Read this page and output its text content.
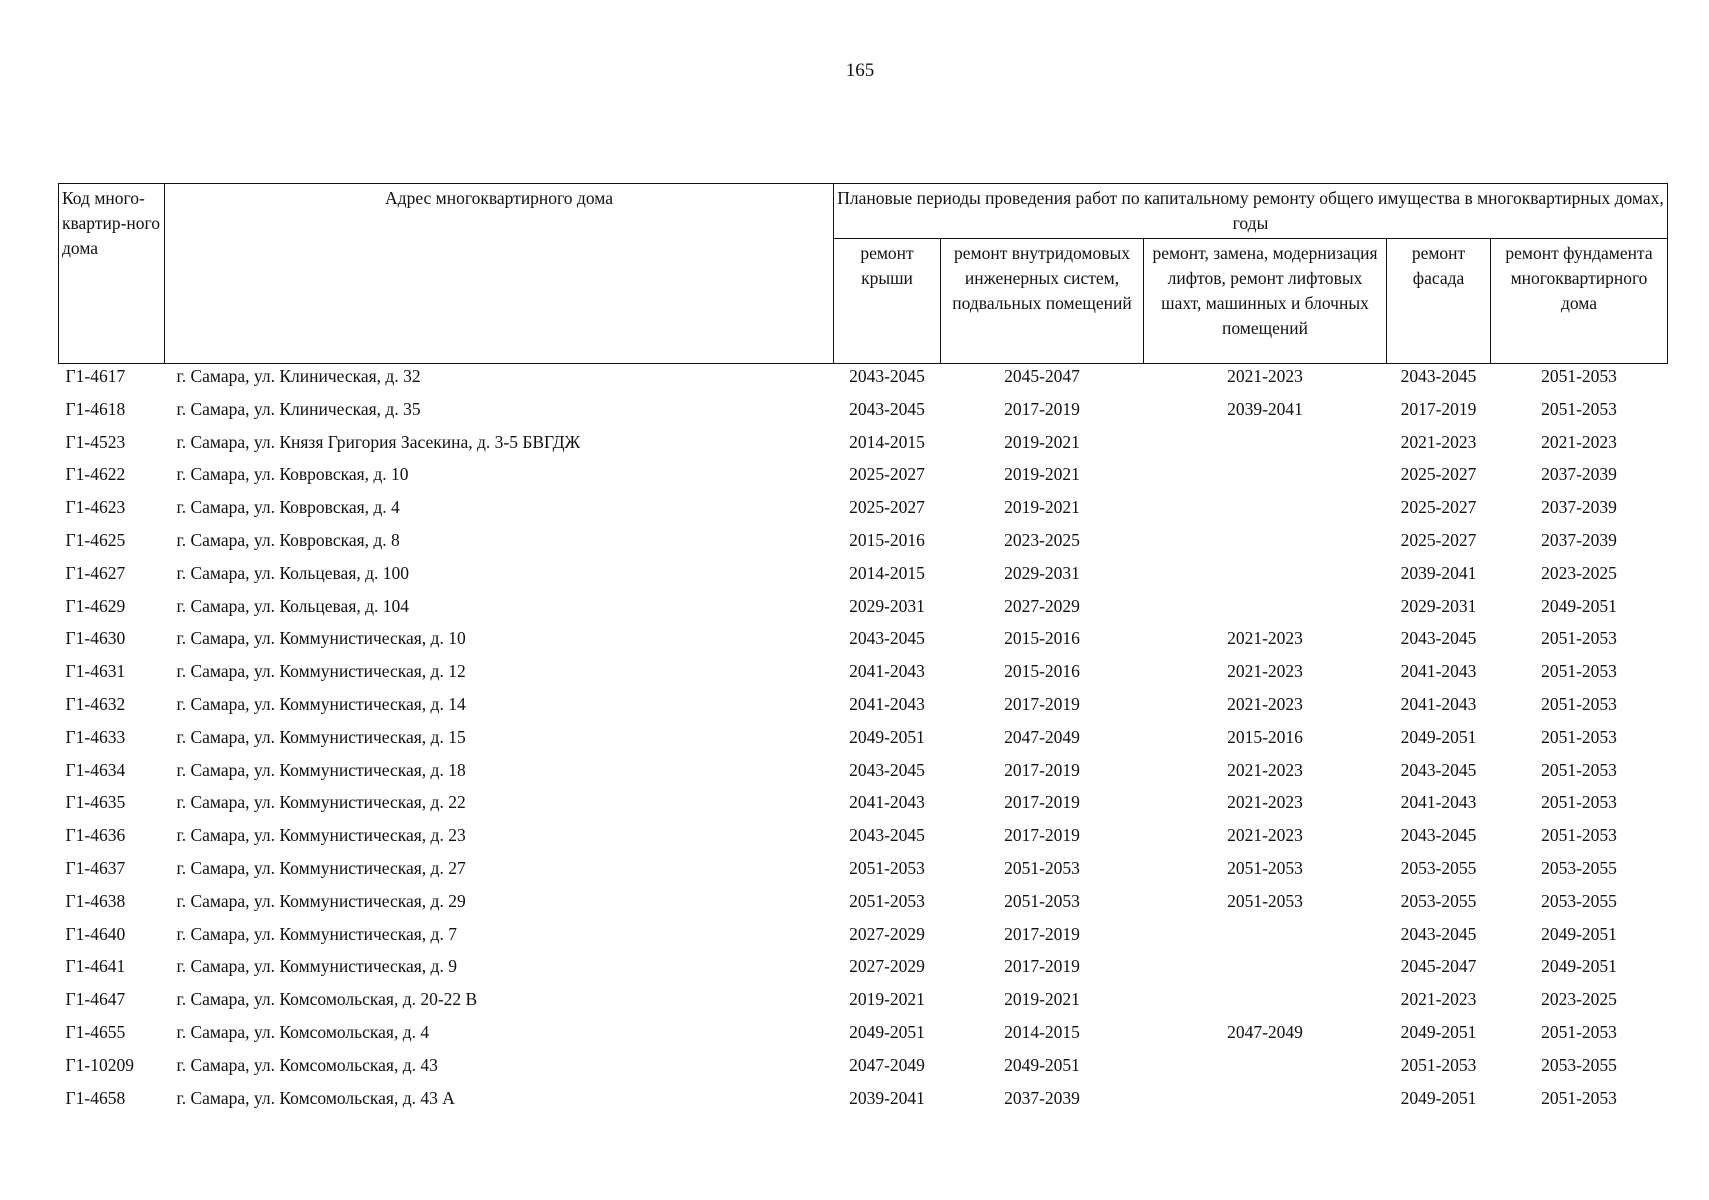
165
Код много-квартир-ного дома	Адрес многоквартирного дома	Плановые периоды проведения работ по капитальному ремонту общего имущества в многоквартирных домах, годы				
		ремонт крыши	ремонт внутридомовых инженерных систем, подвальных помещений	ремонт, замена, модернизация лифтов, ремонт лифтовых шахт, машинных и блочных помещений	ремонт фасада	ремонт фундамента многоквартирного дома
Г1-4617	г. Самара, ул. Клиническая, д. 32	2043-2045	2045-2047	2021-2023	2043-2045	2051-2053
Г1-4618	г. Самара, ул. Клиническая, д. 35	2043-2045	2017-2019	2039-2041	2017-2019	2051-2053
Г1-4523	г. Самара, ул. Князя Григория Засекина, д. 3-5 БВГДЖ	2014-2015	2019-2021		2021-2023	2021-2023
Г1-4622	г. Самара, ул. Ковровская, д. 10	2025-2027	2019-2021		2025-2027	2037-2039
Г1-4623	г. Самара, ул. Ковровская, д. 4	2025-2027	2019-2021		2025-2027	2037-2039
Г1-4625	г. Самара, ул. Ковровская, д. 8	2015-2016	2023-2025		2025-2027	2037-2039
Г1-4627	г. Самара, ул. Кольцевая, д. 100	2014-2015	2029-2031		2039-2041	2023-2025
Г1-4629	г. Самара, ул. Кольцевая, д. 104	2029-2031	2027-2029		2029-2031	2049-2051
Г1-4630	г. Самара, ул. Коммунистическая, д. 10	2043-2045	2015-2016	2021-2023	2043-2045	2051-2053
Г1-4631	г. Самара, ул. Коммунистическая, д. 12	2041-2043	2015-2016	2021-2023	2041-2043	2051-2053
Г1-4632	г. Самара, ул. Коммунистическая, д. 14	2041-2043	2017-2019	2021-2023	2041-2043	2051-2053
Г1-4633	г. Самара, ул. Коммунистическая, д. 15	2049-2051	2047-2049	2015-2016	2049-2051	2051-2053
Г1-4634	г. Самара, ул. Коммунистическая, д. 18	2043-2045	2017-2019	2021-2023	2043-2045	2051-2053
Г1-4635	г. Самара, ул. Коммунистическая, д. 22	2041-2043	2017-2019	2021-2023	2041-2043	2051-2053
Г1-4636	г. Самара, ул. Коммунистическая, д. 23	2043-2045	2017-2019	2021-2023	2043-2045	2051-2053
Г1-4637	г. Самара, ул. Коммунистическая, д. 27	2051-2053	2051-2053	2051-2053	2053-2055	2053-2055
Г1-4638	г. Самара, ул. Коммунистическая, д. 29	2051-2053	2051-2053	2051-2053	2053-2055	2053-2055
Г1-4640	г. Самара, ул. Коммунистическая, д. 7	2027-2029	2017-2019		2043-2045	2049-2051
Г1-4641	г. Самара, ул. Коммунистическая, д. 9	2027-2029	2017-2019		2045-2047	2049-2051
Г1-4647	г. Самара, ул. Комсомольская, д. 20-22 В	2019-2021	2019-2021		2021-2023	2023-2025
Г1-4655	г. Самара, ул. Комсомольская, д. 4	2049-2051	2014-2015	2047-2049	2049-2051	2051-2053
Г1-10209	г. Самара, ул. Комсомольская, д. 43	2047-2049	2049-2051		2051-2053	2053-2055
Г1-4658	г. Самара, ул. Комсомольская, д. 43 А	2039-2041	2037-2039		2049-2051	2051-2053
